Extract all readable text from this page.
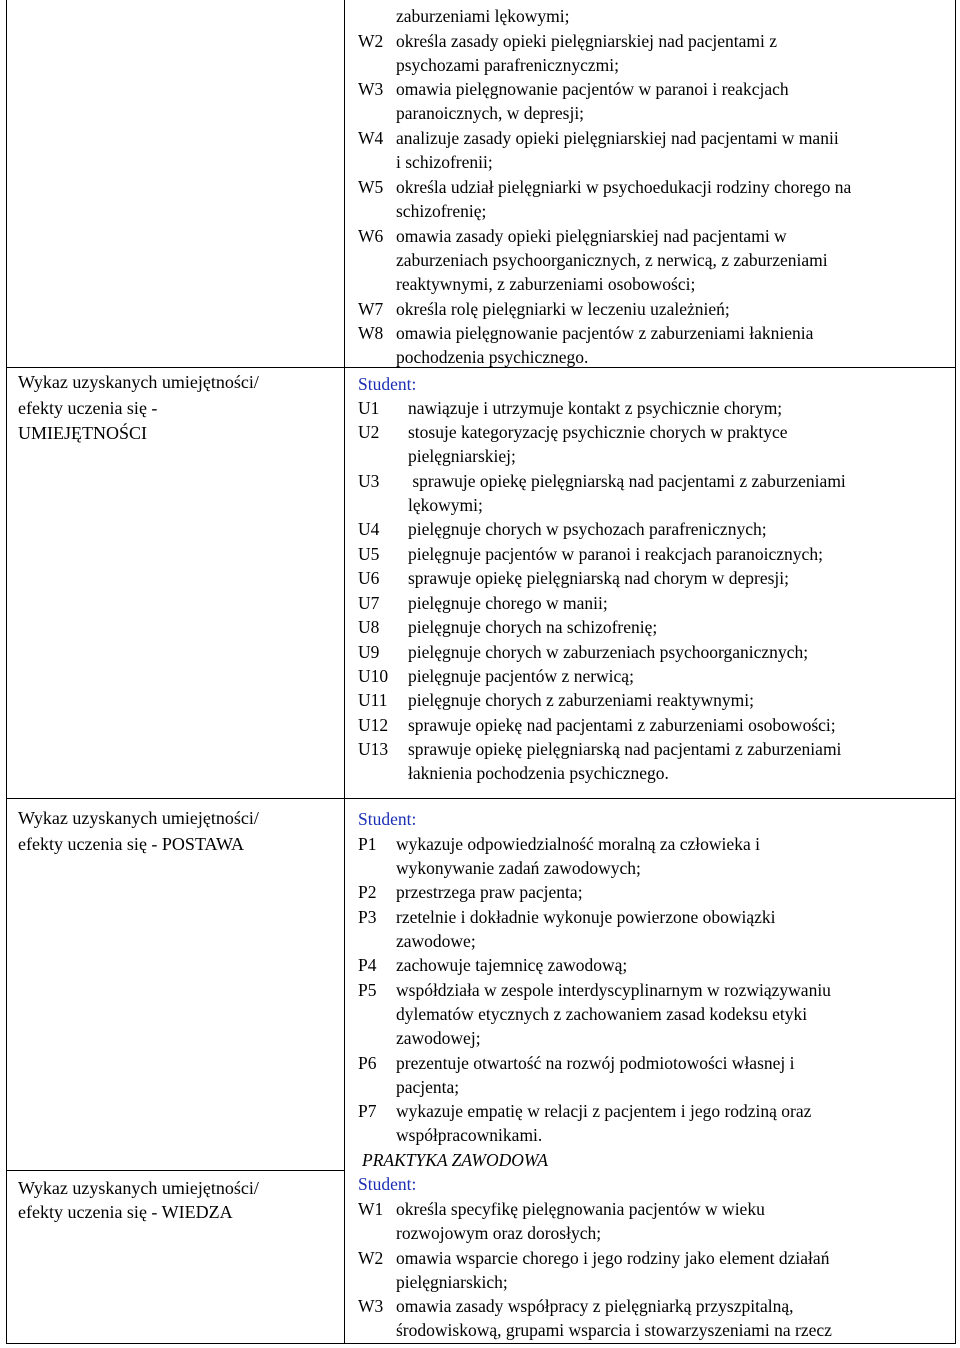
Wykaz uzyskanych umiejętności/
efekty uczenia się -
UMIEJĘTNOŚCI
Wykaz uzyskanych umiejętności/
efekty uczenia się - POSTAWA
Wykaz uzyskanych umiejętności/
efekty uczenia się - WIEDZA
zaburzeniami lękowymi;
W2 określa zasady opieki pielęgniarskiej nad pacjentami z
psychozami parafrenicznyczmi;
W3 omawia pielęgnowanie pacjentów w paranoi i reakcjach
paranoicznych, w depresji;
W4 analizuje zasady opieki pielęgniarskiej nad pacjentami w manii
i schizofrenii;
W5 określa udział pielęgniarki w psychoedukacji rodziny chorego na
schizofrenię;
W6 omawia zasady opieki pielęgniarskiej nad pacjentami w
zaburzeniach psychoorganicznych, z nerwicą, z zaburzeniami
reaktywnymi, z zaburzeniami osobowości;
W7 określa rolę pielęgniarki w leczeniu uzależnień;
W8 omawia pielęgnowanie pacjentów z zaburzeniami łaknienia
pochodzenia psychicznego.
Student:
U1 nawiązuje i utrzymuje kontakt z psychicznie chorym;
U2 stosuje kategoryzację psychicznie chorych w praktyce
pielęgniarskiej;
U3 sprawuje opiekę pielęgniarską nad pacjentami z zaburzeniami
lękowymi;
U4 pielęgnuje chorych w psychozach parafrenicznych;
U5 pielęgnuje pacjentów w paranoi i reakcjach paranoicznych;
U6 sprawuje opiekę pielęgniarską nad chorym w depresji;
U7 pielęgnuje chorego w manii;
U8 pielęgnuje chorych na schizofrenię;
U9 pielęgnuje chorych w zaburzeniach psychoorganicznych;
U10 pielęgnuje pacjentów z nerwicą;
U11 pielęgnuje chorych z zaburzeniami reaktywnymi;
U12 sprawuje opiekę nad pacjentami z zaburzeniami osobowości;
U13 sprawuje opiekę pielęgniarską nad pacjentami z zaburzeniami
łaknienia pochodzenia psychicznego.
Student:
P1 wykazuje odpowiedzialność moralną za człowieka i
wykonywanie zadań zawodowych;
P2 przestrzega praw pacjenta;
P3 rzetelnie i dokładnie wykonuje powierzone obowiązki
zawodowe;
P4 zachowuje tajemnicę zawodową;
P5 współdziała w zespole interdyscyplinarnym w rozwiązywaniu
dylematów etycznych z zachowaniem zasad kodeksu etyki
zawodowej;
P6 prezentuje otwartość na rozwój podmiotowości własnej i
pacjenta;
P7 wykazuje empatię w relacji z pacjentem i jego rodziną oraz
współpracownikami.
PRAKTYKA ZAWODOWA
Student:
W1 określa specyfikę pielęgnowania pacjentów w wieku
rozwojowym oraz dorosłych;
W2 omawia wsparcie chorego i jego rodziny jako element działań
pielęgniarskich;
W3 omawia zasady współpracy z pielęgniarką przyszpitalną,
środowiskową, grupami wsparcia i stowarzyszeniami na rzecz
